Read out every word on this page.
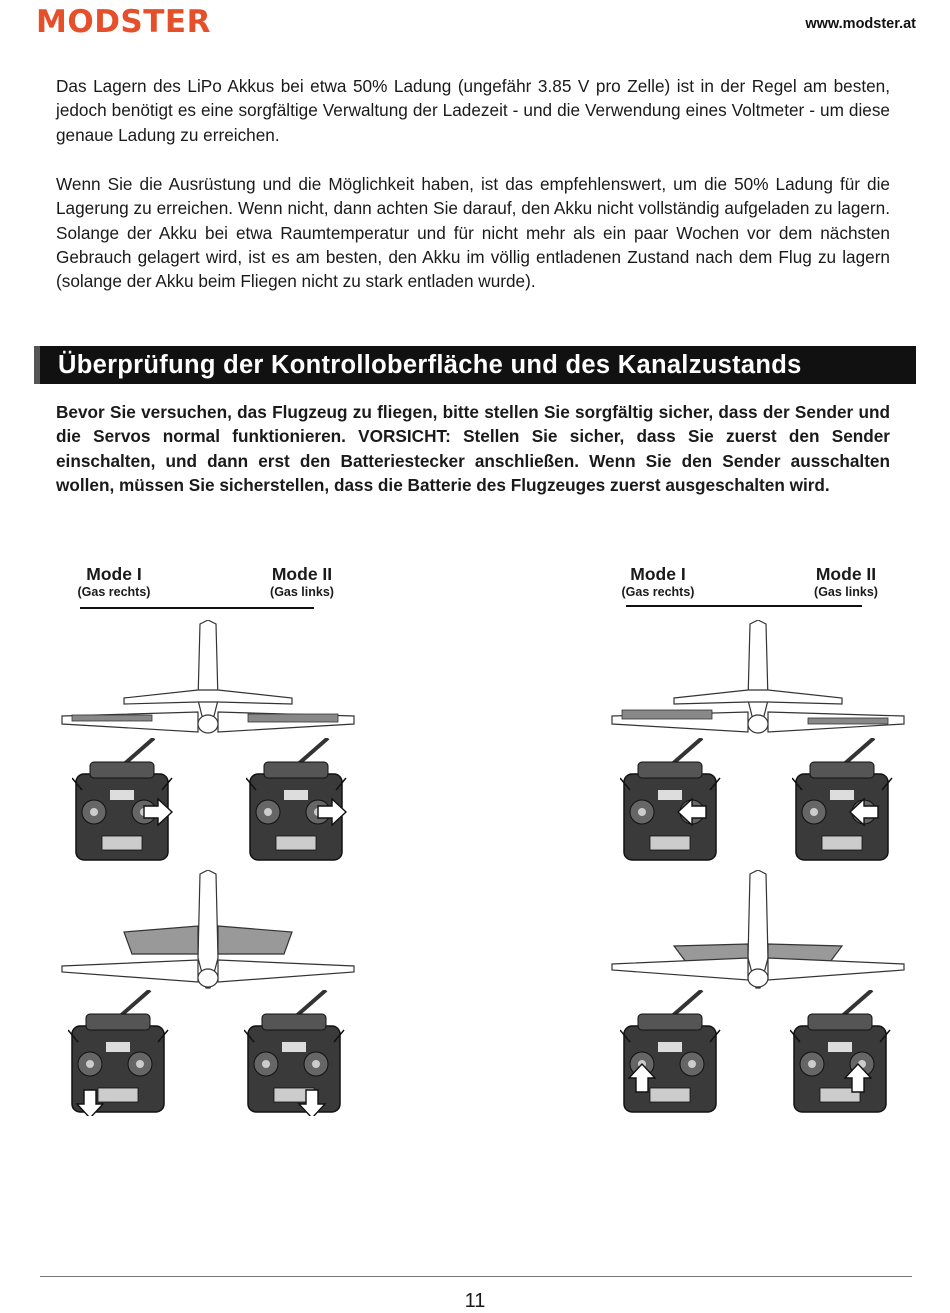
MODSTER	www.modster.at

Das Lagern des LiPo Akkus bei etwa 50% Ladung (ungefähr 3.85 V pro Zelle) ist in der Regel am besten, jedoch benötigt es eine sorgfältige Verwaltung der Ladezeit - und die Verwendung eines Voltmeter - um diese genaue Ladung zu erreichen.

Wenn Sie die Ausrüstung und die Möglichkeit haben, ist das empfehlenswert, um die 50% Ladung für die Lagerung zu erreichen. Wenn nicht, dann achten Sie darauf, den Akku nicht vollständig aufgeladen zu lagern. Solange der Akku bei etwa Raumtemperatur und für nicht mehr als ein paar Wochen vor dem nächsten Gebrauch gelagert wird, ist es am besten, den Akku im völlig entladenen Zustand nach dem Flug zu lagern (solange der Akku beim Fliegen nicht zu stark entladen wurde).

Überprüfung der Kontrolloberfläche und des Kanalzustands

Bevor Sie versuchen, das Flugzeug zu fliegen, bitte stellen Sie sorgfältig sicher, dass der Sender und die Servos normal funktionieren. VORSICHT: Stellen Sie sicher, dass Sie zuerst den Sender einschalten, und dann erst den Batteriestecker anschließen. Wenn Sie den Sender ausschalten wollen, müssen Sie sicherstellen, dass die Batterie des Flugzeuges zuerst ausgeschalten wird.

Mode I
(Gas rechts)
Mode II
(Gas links)
Mode I
(Gas rechts)
Mode II
(Gas links)
11
